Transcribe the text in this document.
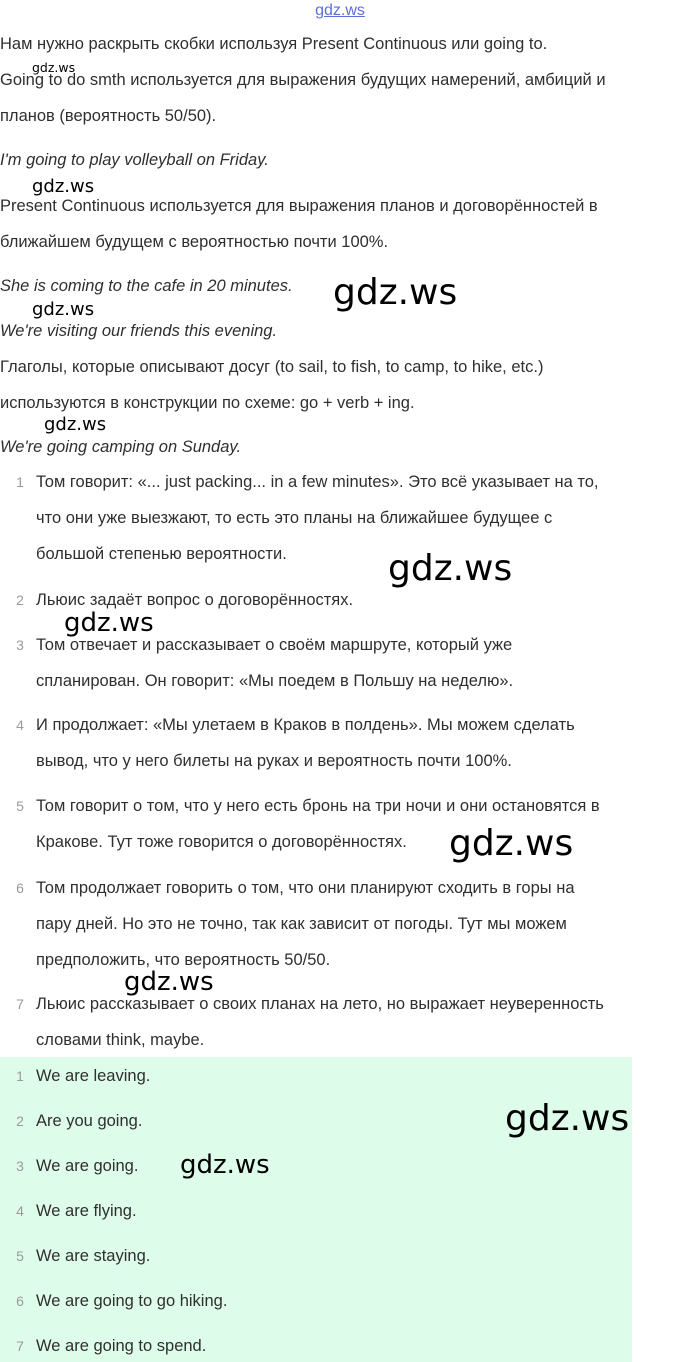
gdz.ws
Нам нужно раскрыть скобки используя Present Continuous или going to.
Going to do smth используется для выражения будущих намерений, амбиций и
планов (вероятность 50/50).
I'm going to play volleyball on Friday.
Present Continuous используется для выражения планов и договорённостей в
ближайшем будущем с вероятностью почти 100%.
She is coming to the cafe in 20 minutes.
We're visiting our friends this evening.
Глаголы, которые описывают досуг (to sail, to fish, to camp, to hike, etc.)
используются в конструкции по схеме: go + verb + ing.
We're going camping on Sunday.
1 Том говорит: «... just packing... in a few minutes». Это всё указывает на то,
что они уже выезжают, то есть это планы на ближайшее будущее с
большой степенью вероятности.
2 Льюис задаёт вопрос о договорённостях.
3 Том отвечает и рассказывает о своём маршруте, который уже
спланирован. Он говорит: «Мы поедем в Польшу на неделю».
4 И продолжает: «Мы улетаем в Краков в полдень». Мы можем сделать
вывод, что у него билеты на руках и вероятность почти 100%.
5 Том говорит о том, что у него есть бронь на три ночи и они остановятся в
Кракове. Тут тоже говорится о договорённостях.
6 Том продолжает говорить о том, что они планируют сходить в горы на
пару дней. Но это не точно, так как зависит от погоды. Тут мы можем
предположить, что вероятность 50/50.
7 Льюис рассказывает о своих планах на лето, но выражает неуверенность
словами think, maybe.
1 We are leaving.
2 Are you going.
3 We are going.
4 We are flying.
5 We are staying.
6 We are going to go hiking.
7 We are going to spend.
gdz.ws
gdz.ws
gdz.ws	gdz.ws
gdz.ws
gdz.ws
gdz.ws
gdz.ws
gdz.ws
gdz.ws
gdz.ws
